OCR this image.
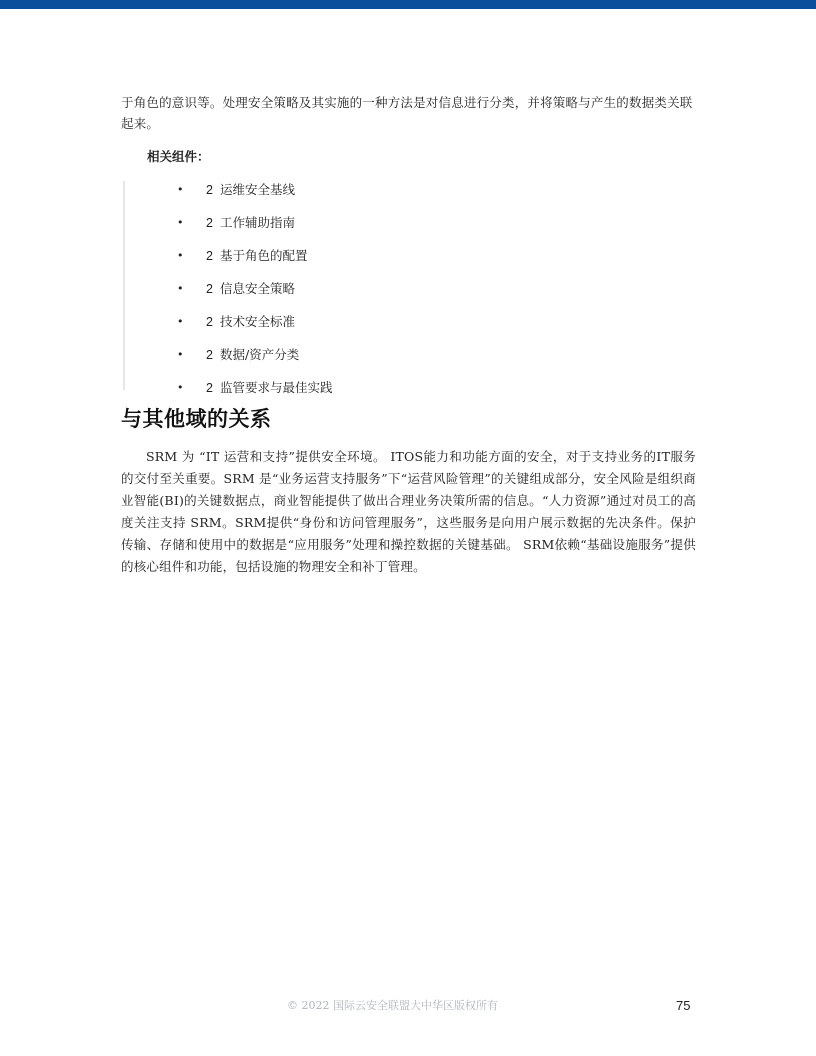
于角色的意识等。处理安全策略及其实施的一种方法是对信息进行分类，并将策略与产生的数据类关联起来。

相关组件：

• 2 运维安全基线
• 2 工作辅助指南
• 2 基于角色的配置
• 2 信息安全策略
• 2 技术安全标准
• 2 数据/资产分类
• 2 监管要求与最佳实践
与其他域的关系

SRM 为 “IT 运营和支持”提供安全环境。 ITOS能力和功能方面的安全，对于支持业务的IT服务的交付至关重要。SRM 是“业务运营支持服务”下“运营风险管理”的关键组成部分，安全风险是组织商业智能(BI)的关键数据点，商业智能提供了做出合理业务决策所需的信息。“人力资源”通过对员工的高度关注支持 SRM。SRM提供“身份和访问管理服务”，这些服务是向用户展示数据的先决条件。保护传输、存储和使用中的数据是“应用服务”处理和操控数据的关键基础。 SRM依赖“基础设施服务”提供的核心组件和功能，包括设施的物理安全和补丁管理。

© 2022 国际云安全联盟大中华区版权所有	75
